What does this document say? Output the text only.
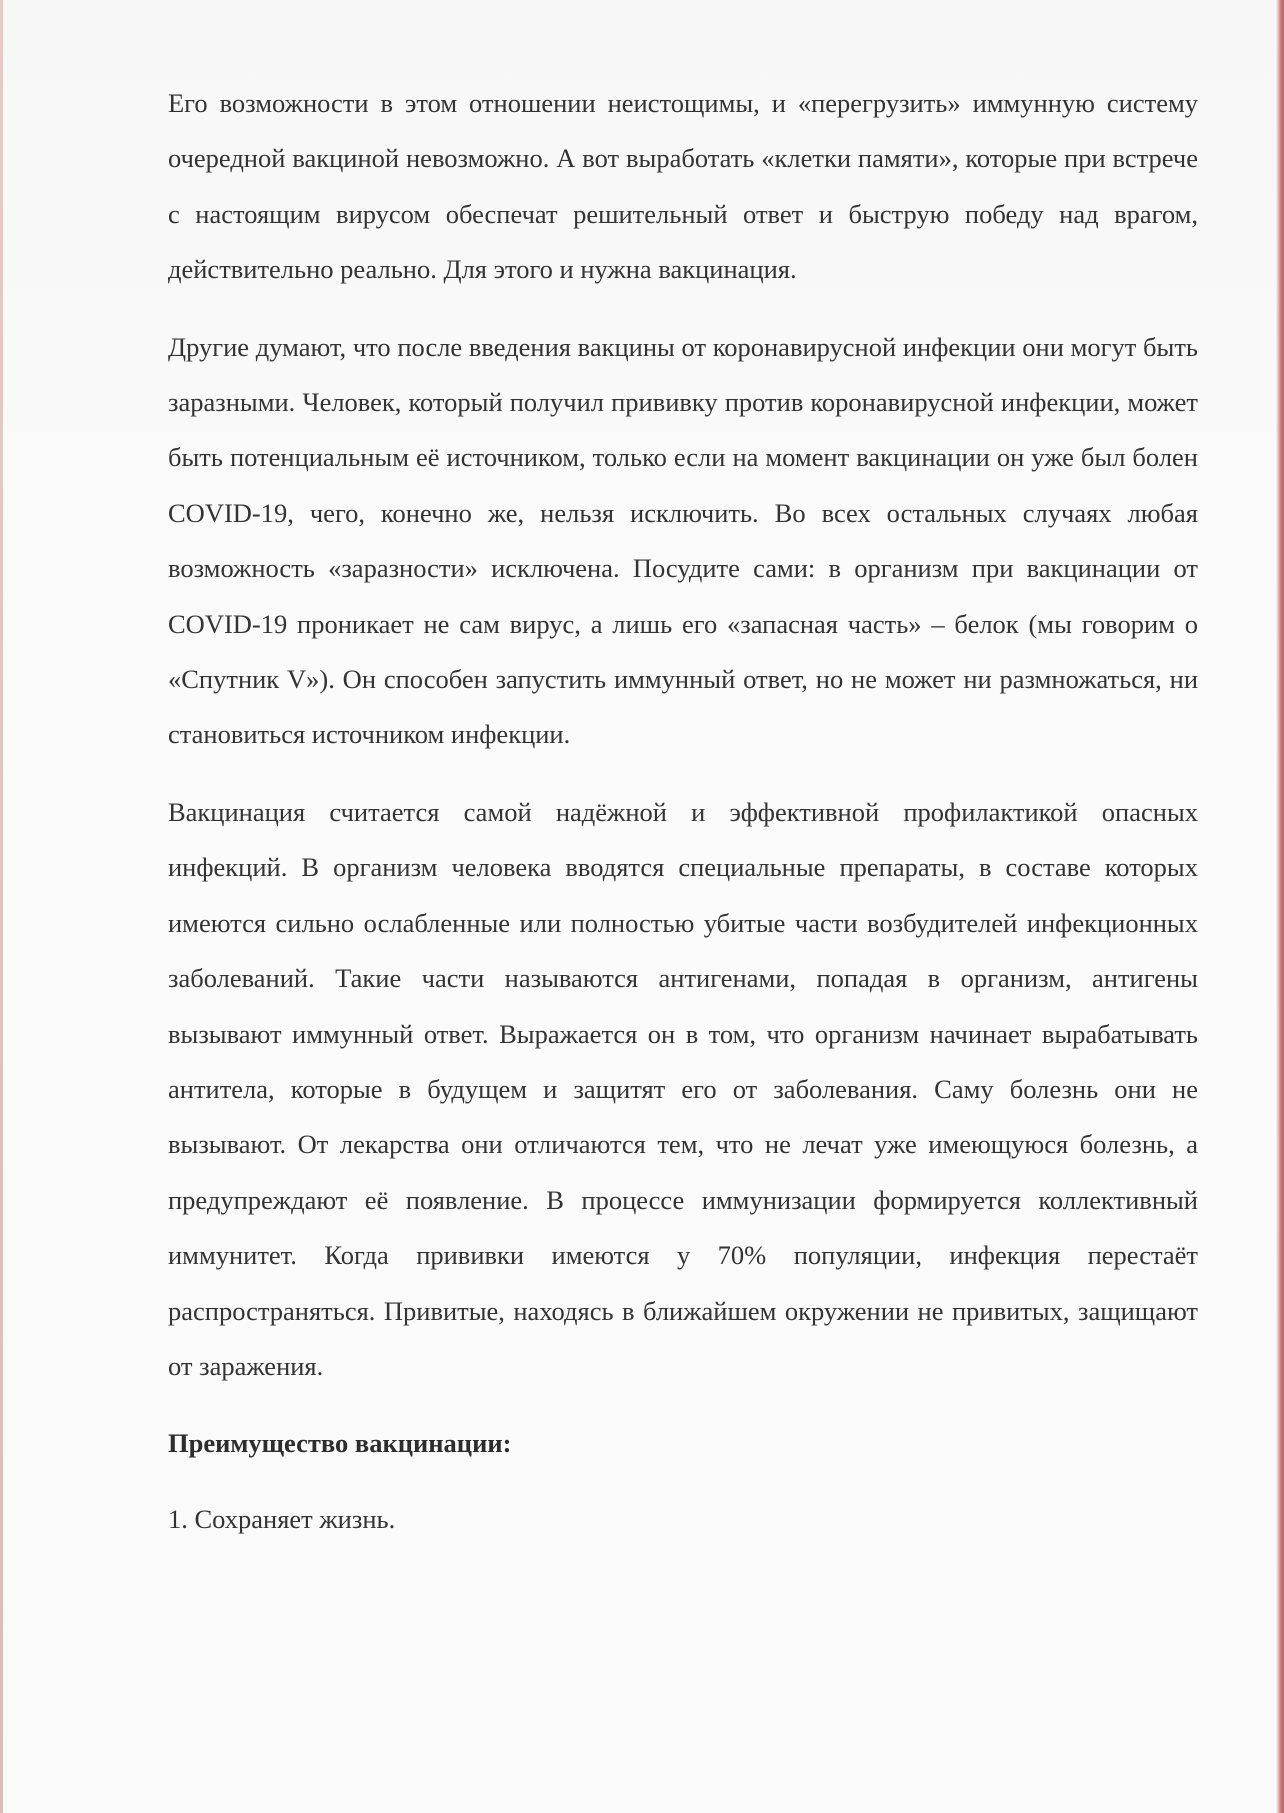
Его возможности в этом отношении неистощимы, и «перегрузить» иммунную систему очередной вакциной невозможно. А вот выработать «клетки памяти», которые при встрече с настоящим вирусом обеспечат решительный ответ и быструю победу над врагом, действительно реально. Для этого и нужна вакцинация.

Другие думают, что после введения вакцины от коронавирусной инфекции они могут быть заразными. Человек, который получил прививку против коронавирусной инфекции, может быть потенциальным её источником, только если на момент вакцинации он уже был болен COVID-19, чего, конечно же, нельзя исключить. Во всех остальных случаях любая возможность «заразности» исключена. Посудите сами: в организм при вакцинации от COVID-19 проникает не сам вирус, а лишь его «запасная часть» – белок (мы говорим о «Спутник V»). Он способен запустить иммунный ответ, но не может ни размножаться, ни становиться источником инфекции.

Вакцинация считается самой надёжной и эффективной профилактикой опасных инфекций. В организм человека вводятся специальные препараты, в составе которых имеются сильно ослабленные или полностью убитые части возбудителей инфекционных заболеваний. Такие части называются антигенами, попадая в организм, антигены вызывают иммунный ответ. Выражается он в том, что организм начинает вырабатывать антитела, которые в будущем и защитят его от заболевания. Саму болезнь они не вызывают. От лекарства они отличаются тем, что не лечат уже имеющуюся болезнь, а предупреждают её появление. В процессе иммунизации формируется коллективный иммунитет. Когда прививки имеются у 70% популяции, инфекция перестаёт распространяться. Привитые, находясь в ближайшем окружении не привитых, защищают от заражения.

Преимущество вакцинации:

1. Сохраняет жизнь.
